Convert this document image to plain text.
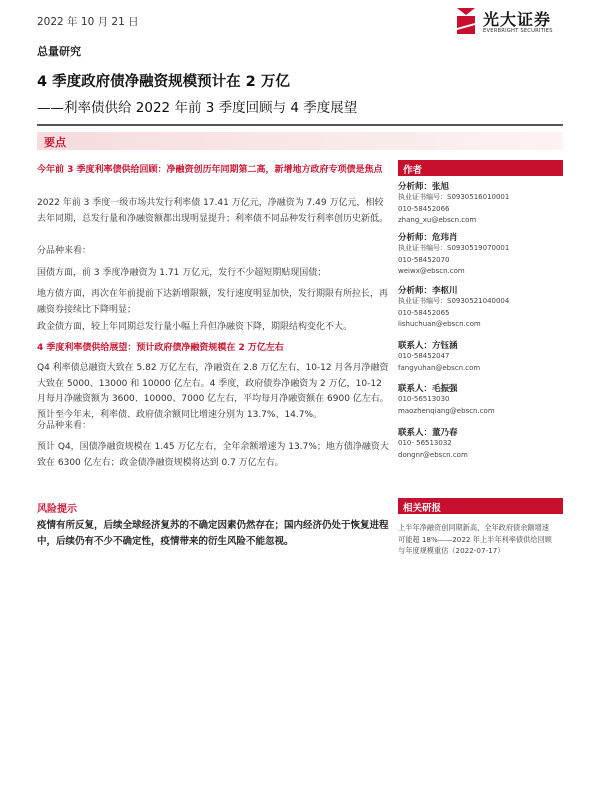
2022 年 10 月 21 日	光大证券
EVERBRIGHT SECURITIES
总量研究
4 季度政府债净融资规模预计在 2 万亿
——利率债供给 2022 年前 3 季度回顾与 4 季度展望
要点
今年前 3 季度利率债供给回顾：净融资创历年同期第二高，新增地方政府专项债是焦点
2022 年前 3 季度一级市场共发行利率债 17.41 万亿元，净融资为 7.49 万亿元，相较去年同期，总发行量和净融资额都出现明显提升；利率债不同品种发行利率创历史新低。
分品种来看：
国债方面，前 3 季度净融资为 1.71 万亿元，发行不少超短期贴现国债；
地方债方面，再次在年前提前下达新增限额，发行速度明显加快，发行期限有所拉长，再融资券接续比下降明显；
政金债方面，较上年同期总发行量小幅上升但净融资下降，期限结构变化不大。
4 季度利率债供给展望：预计政府债净融资规模在 2 万亿左右
Q4 利率债总融资大致在 5.82 万亿左右，净融资在 2.8 万亿左右，10-12 月各月净融资大致在 5000、13000 和 10000 亿左右。4 季度，政府债券净融资为 2 万亿，10-12 月每月净融资额为 3600、10000、7000 亿左右，平均每月净融资额在 6900 亿左右。预计至今年末，利率债、政府债余额同比增速分别为 13.7%、14.7%。
分品种来看：
预计 Q4，国债净融资规模在 1.45 万亿左右，全年余额增速为 13.7%；地方债净融资大致在 6300 亿左右；政金债净融资规模将达到 0.7 万亿左右。
风险提示
疫情有所反复，后续全球经济复苏的不确定因素仍然存在；国内经济仍处于恢复进程中，后续仍有不少不确定性，疫情带来的衍生风险不能忽视。
作者
分析师：张旭
执业证书编号：S0930516010001
010-58452066
zhang_xu@ebscn.com
分析师：危玮肖
执业证书编号：S0930519070001
010-58452070
weiwx@ebscn.com
分析师：李枢川
执业证书编号：S0930521040004
010-58452065
lishuchuan@ebscn.com
联系人：方钰涵
010-58452047
fangyuhan@ebscn.com
联系人：毛振强
010-56513030
maozhenqiang@ebscn.com
联系人：董乃春
010- 56513032
dongnr@ebscn.com
相关研报
上半年净融资创同期新高，全年政府债余额增速
可能超 18%——2022 年上半年利率债供给回顾
与年度规模重估（2022-07-17）
